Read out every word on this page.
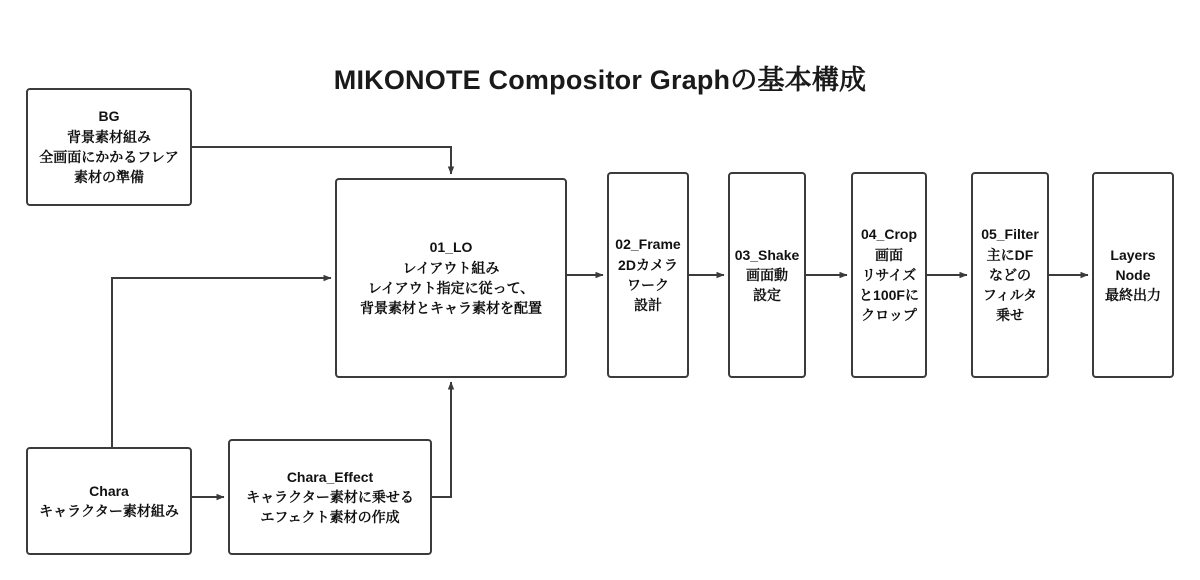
MIKONOTE Compositor Graphの基本構成
BG
背景素材組み
全画面にかかるフレア
素材の準備
01_LO
レイアウト組み
レイアウト指定に従って、
背景素材とキャラ素材を配置
02_Frame
2Dカメラ
ワーク
設計
03_Shake
画面動
設定
04_Crop
画面
リサイズ
と100Fに
クロップ
05_Filter
主にDF
などの
フィルタ
乗せ
Layers
Node
最終出力
Chara
キャラクター素材組み
Chara_Effect
キャラクター素材に乗せる
エフェクト素材の作成
